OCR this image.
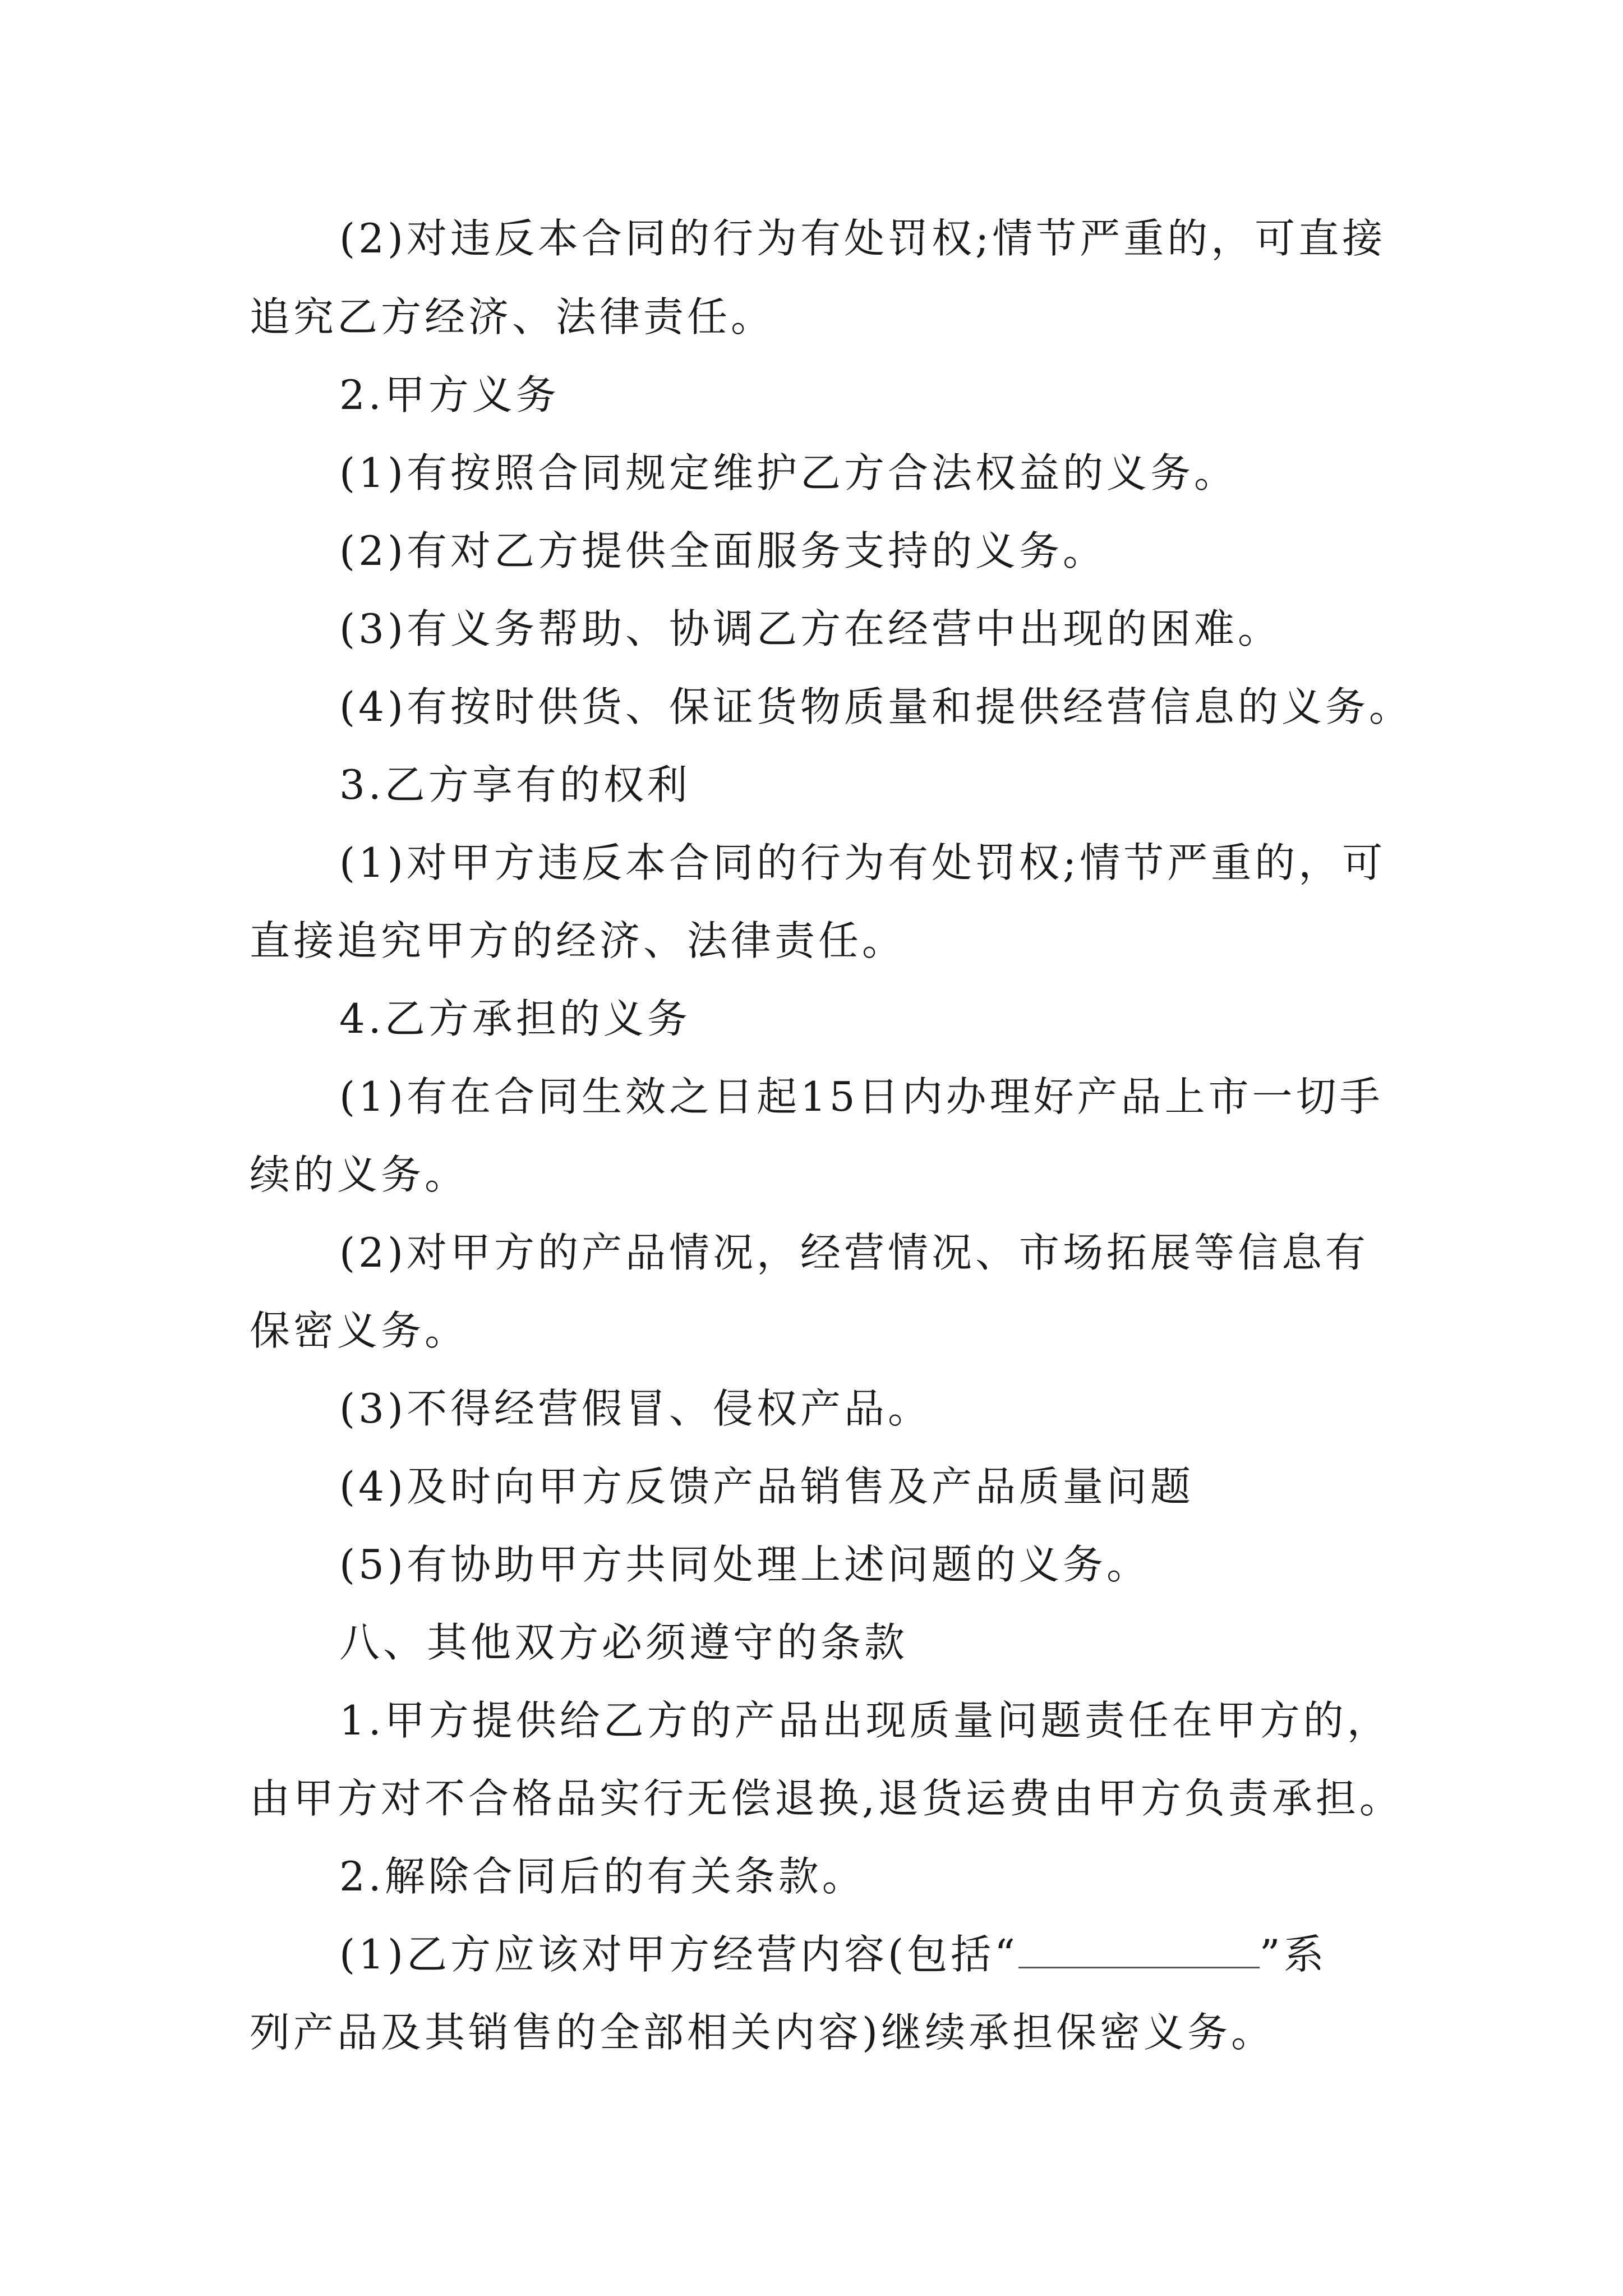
(2)对违反本合同的行为有处罚权;情节严重的，可直接

追究乙方经济、法律责任。

2.甲方义务

(1)有按照合同规定维护乙方合法权益的义务。

(2)有对乙方提供全面服务支持的义务。

(3)有义务帮助、协调乙方在经营中出现的困难。

(4)有按时供货、保证货物质量和提供经营信息的义务。

3.乙方享有的权利

(1)对甲方违反本合同的行为有处罚权;情节严重的，可

直接追究甲方的经济、法律责任。

4.乙方承担的义务

(1)有在合同生效之日起15日内办理好产品上市一切手

续的义务。

(2)对甲方的产品情况，经营情况、市场拓展等信息有

保密义务。

(3)不得经营假冒、侵权产品。

(4)及时向甲方反馈产品销售及产品质量问题

(5)有协助甲方共同处理上述问题的义务。

八、其他双方必须遵守的条款

1.甲方提供给乙方的产品出现质量问题责任在甲方的，

由甲方对不合格品实行无偿退换,退货运费由甲方负责承担。

2.解除合同后的有关条款。

(1)乙方应该对甲方经营内容(包括“	”系

列产品及其销售的全部相关内容)继续承担保密义务。
